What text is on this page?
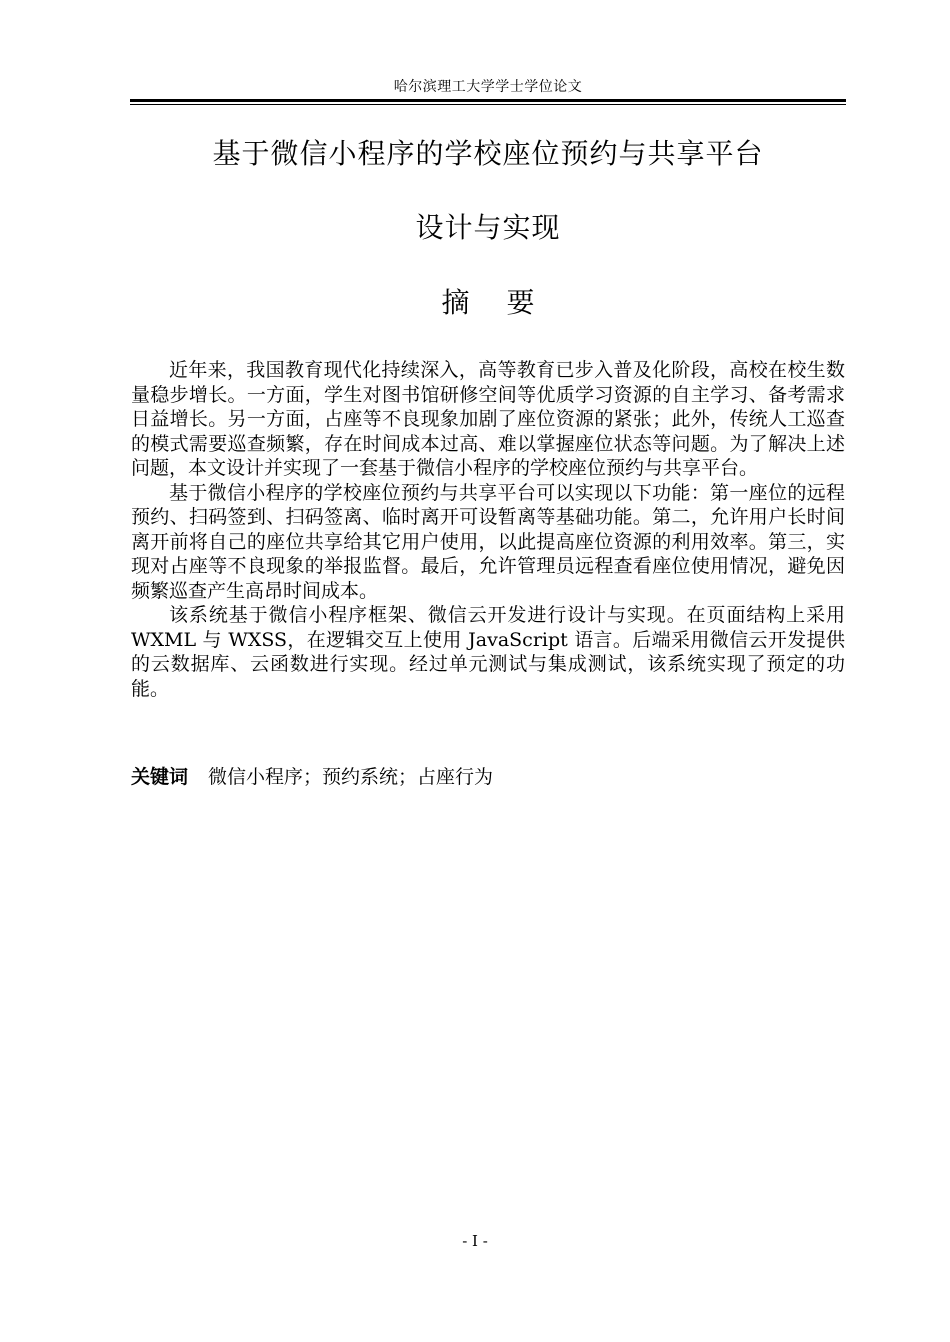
哈尔滨理工大学学士学位论文
基于微信小程序的学校座位预约与共享平台
设计与实现
摘 要

近年来，我国教育现代化持续深入，高等教育已步入普及化阶段，高校在校生数量稳步增长。一方面，学生对图书馆研修空间等优质学习资源的自主学习、备考需求日益增长。另一方面，占座等不良现象加剧了座位资源的紧张；此外，传统人工巡查的模式需要巡查频繁，存在时间成本过高、难以掌握座位状态等问题。为了解决上述问题，本文设计并实现了一套基于微信小程序的学校座位预约与共享平台。

基于微信小程序的学校座位预约与共享平台可以实现以下功能：第一座位的远程预约、扫码签到、扫码签离、临时离开可设暂离等基础功能。第二，允许用户长时间离开前将自己的座位共享给其它用户使用，以此提高座位资源的利用效率。第三，实现对占座等不良现象的举报监督。最后，允许管理员远程查看座位使用情况，避免因频繁巡查产生高昂时间成本。

该系统基于微信小程序框架、微信云开发进行设计与实现。在页面结构上采用 WXML 与 WXSS，在逻辑交互上使用 JavaScript 语言。后端采用微信云开发提供的云数据库、云函数进行实现。经过单元测试与集成测试，该系统实现了预定的功能。

关键词 微信小程序；预约系统；占座行为
- I -
